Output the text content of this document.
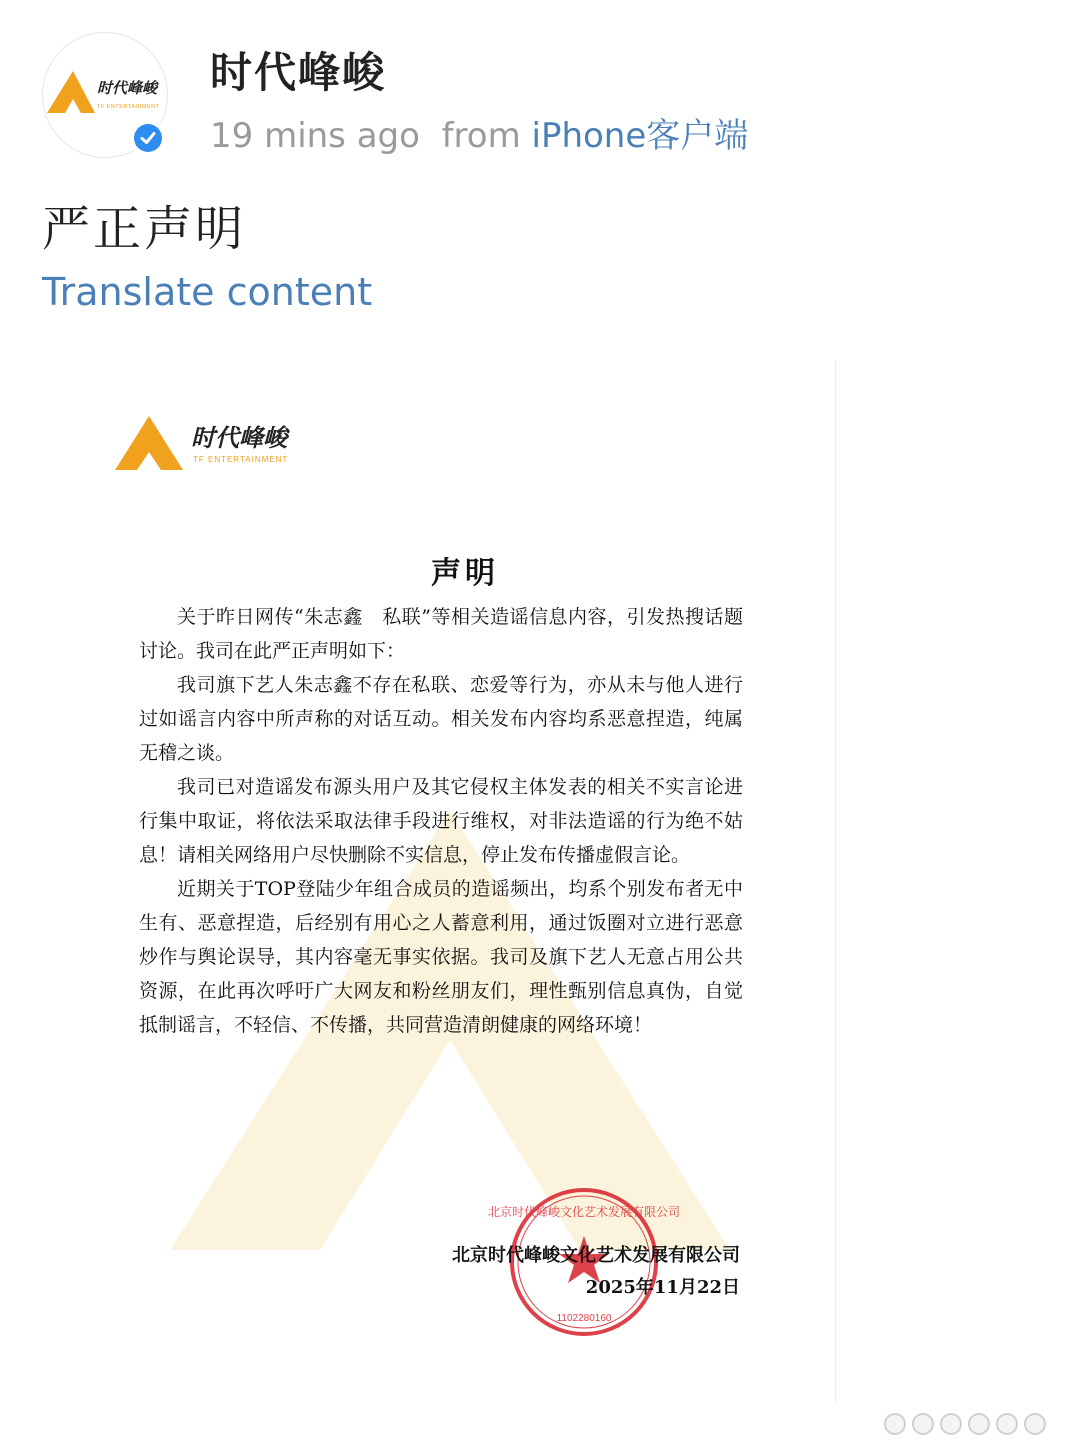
时代峰峻
TF ENTERTAINMENT
时代峰峻
19 mins ago from iPhone客户端
严正声明
Translate content
时代峰峻
TF ENTERTAINMENT
声明

关于昨日网传“朱志鑫　私联”等相关造谣信息内容，引发热搜话题讨论。我司在此严正声明如下：

我司旗下艺人朱志鑫不存在私联、恋爱等行为，亦从未与他人进行过如谣言内容中所声称的对话互动。相关发布内容均系恶意捏造，纯属无稽之谈。

我司已对造谣发布源头用户及其它侵权主体发表的相关不实言论进行集中取证，将依法采取法律手段进行维权，对非法造谣的行为绝不姑息！请相关网络用户尽快删除不实信息，停止发布传播虚假言论。

近期关于TOP登陆少年组合成员的造谣频出，均系个别发布者无中生有、恶意捏造，后经别有用心之人蓄意利用，通过饭圈对立进行恶意炒作与舆论误导，其内容毫无事实依据。我司及旗下艺人无意占用公共资源，在此再次呼吁广大网友和粉丝朋友们，理性甄别信息真伪，自觉抵制谣言，不轻信、不传播，共同营造清朗健康的网络环境！

北京时代峰峻文化艺术发展有限公司
1102280160
北京时代峰峻文化艺术发展有限公司
2025年11月22日
